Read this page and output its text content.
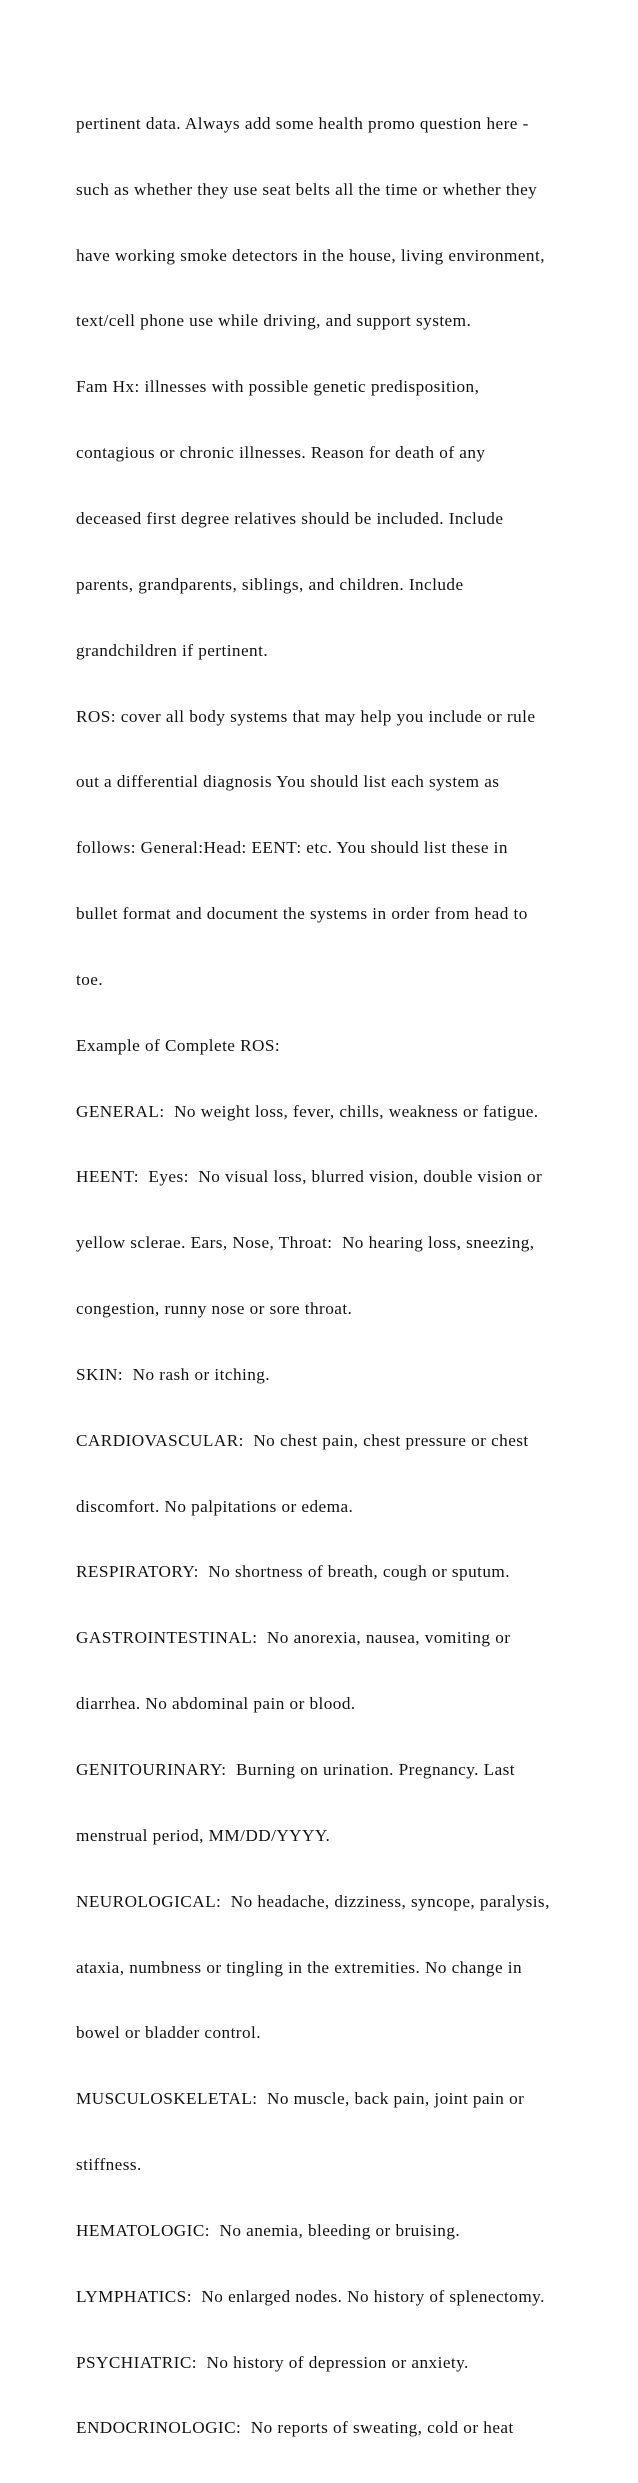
pertinent data. Always add some health promo question here -

such as whether they use seat belts all the time or whether they

have working smoke detectors in the house, living environment,

text/cell phone use while driving, and support system.

Fam Hx: illnesses with possible genetic predisposition,

contagious or chronic illnesses. Reason for death of any

deceased first degree relatives should be included. Include

parents, grandparents, siblings, and children. Include

grandchildren if pertinent.

ROS: cover all body systems that may help you include or rule

out a differential diagnosis You should list each system as

follows: General:Head: EENT: etc. You should list these in

bullet format and document the systems in order from head to

toe.

Example of Complete ROS:

GENERAL:  No weight loss, fever, chills, weakness or fatigue.

HEENT:  Eyes:  No visual loss, blurred vision, double vision or

yellow sclerae. Ears, Nose, Throat:  No hearing loss, sneezing,

congestion, runny nose or sore throat.

SKIN:  No rash or itching.

CARDIOVASCULAR:  No chest pain, chest pressure or chest

discomfort. No palpitations or edema.

RESPIRATORY:  No shortness of breath, cough or sputum.

GASTROINTESTINAL:  No anorexia, nausea, vomiting or

diarrhea. No abdominal pain or blood.

GENITOURINARY:  Burning on urination. Pregnancy. Last

menstrual period, MM/DD/YYYY.

NEUROLOGICAL:  No headache, dizziness, syncope, paralysis,

ataxia, numbness or tingling in the extremities. No change in

bowel or bladder control.

MUSCULOSKELETAL:  No muscle, back pain, joint pain or

stiffness.

HEMATOLOGIC:  No anemia, bleeding or bruising.

LYMPHATICS:  No enlarged nodes. No history of splenectomy.

PSYCHIATRIC:  No history of depression or anxiety.

ENDOCRINOLOGIC:  No reports of sweating, cold or heat
